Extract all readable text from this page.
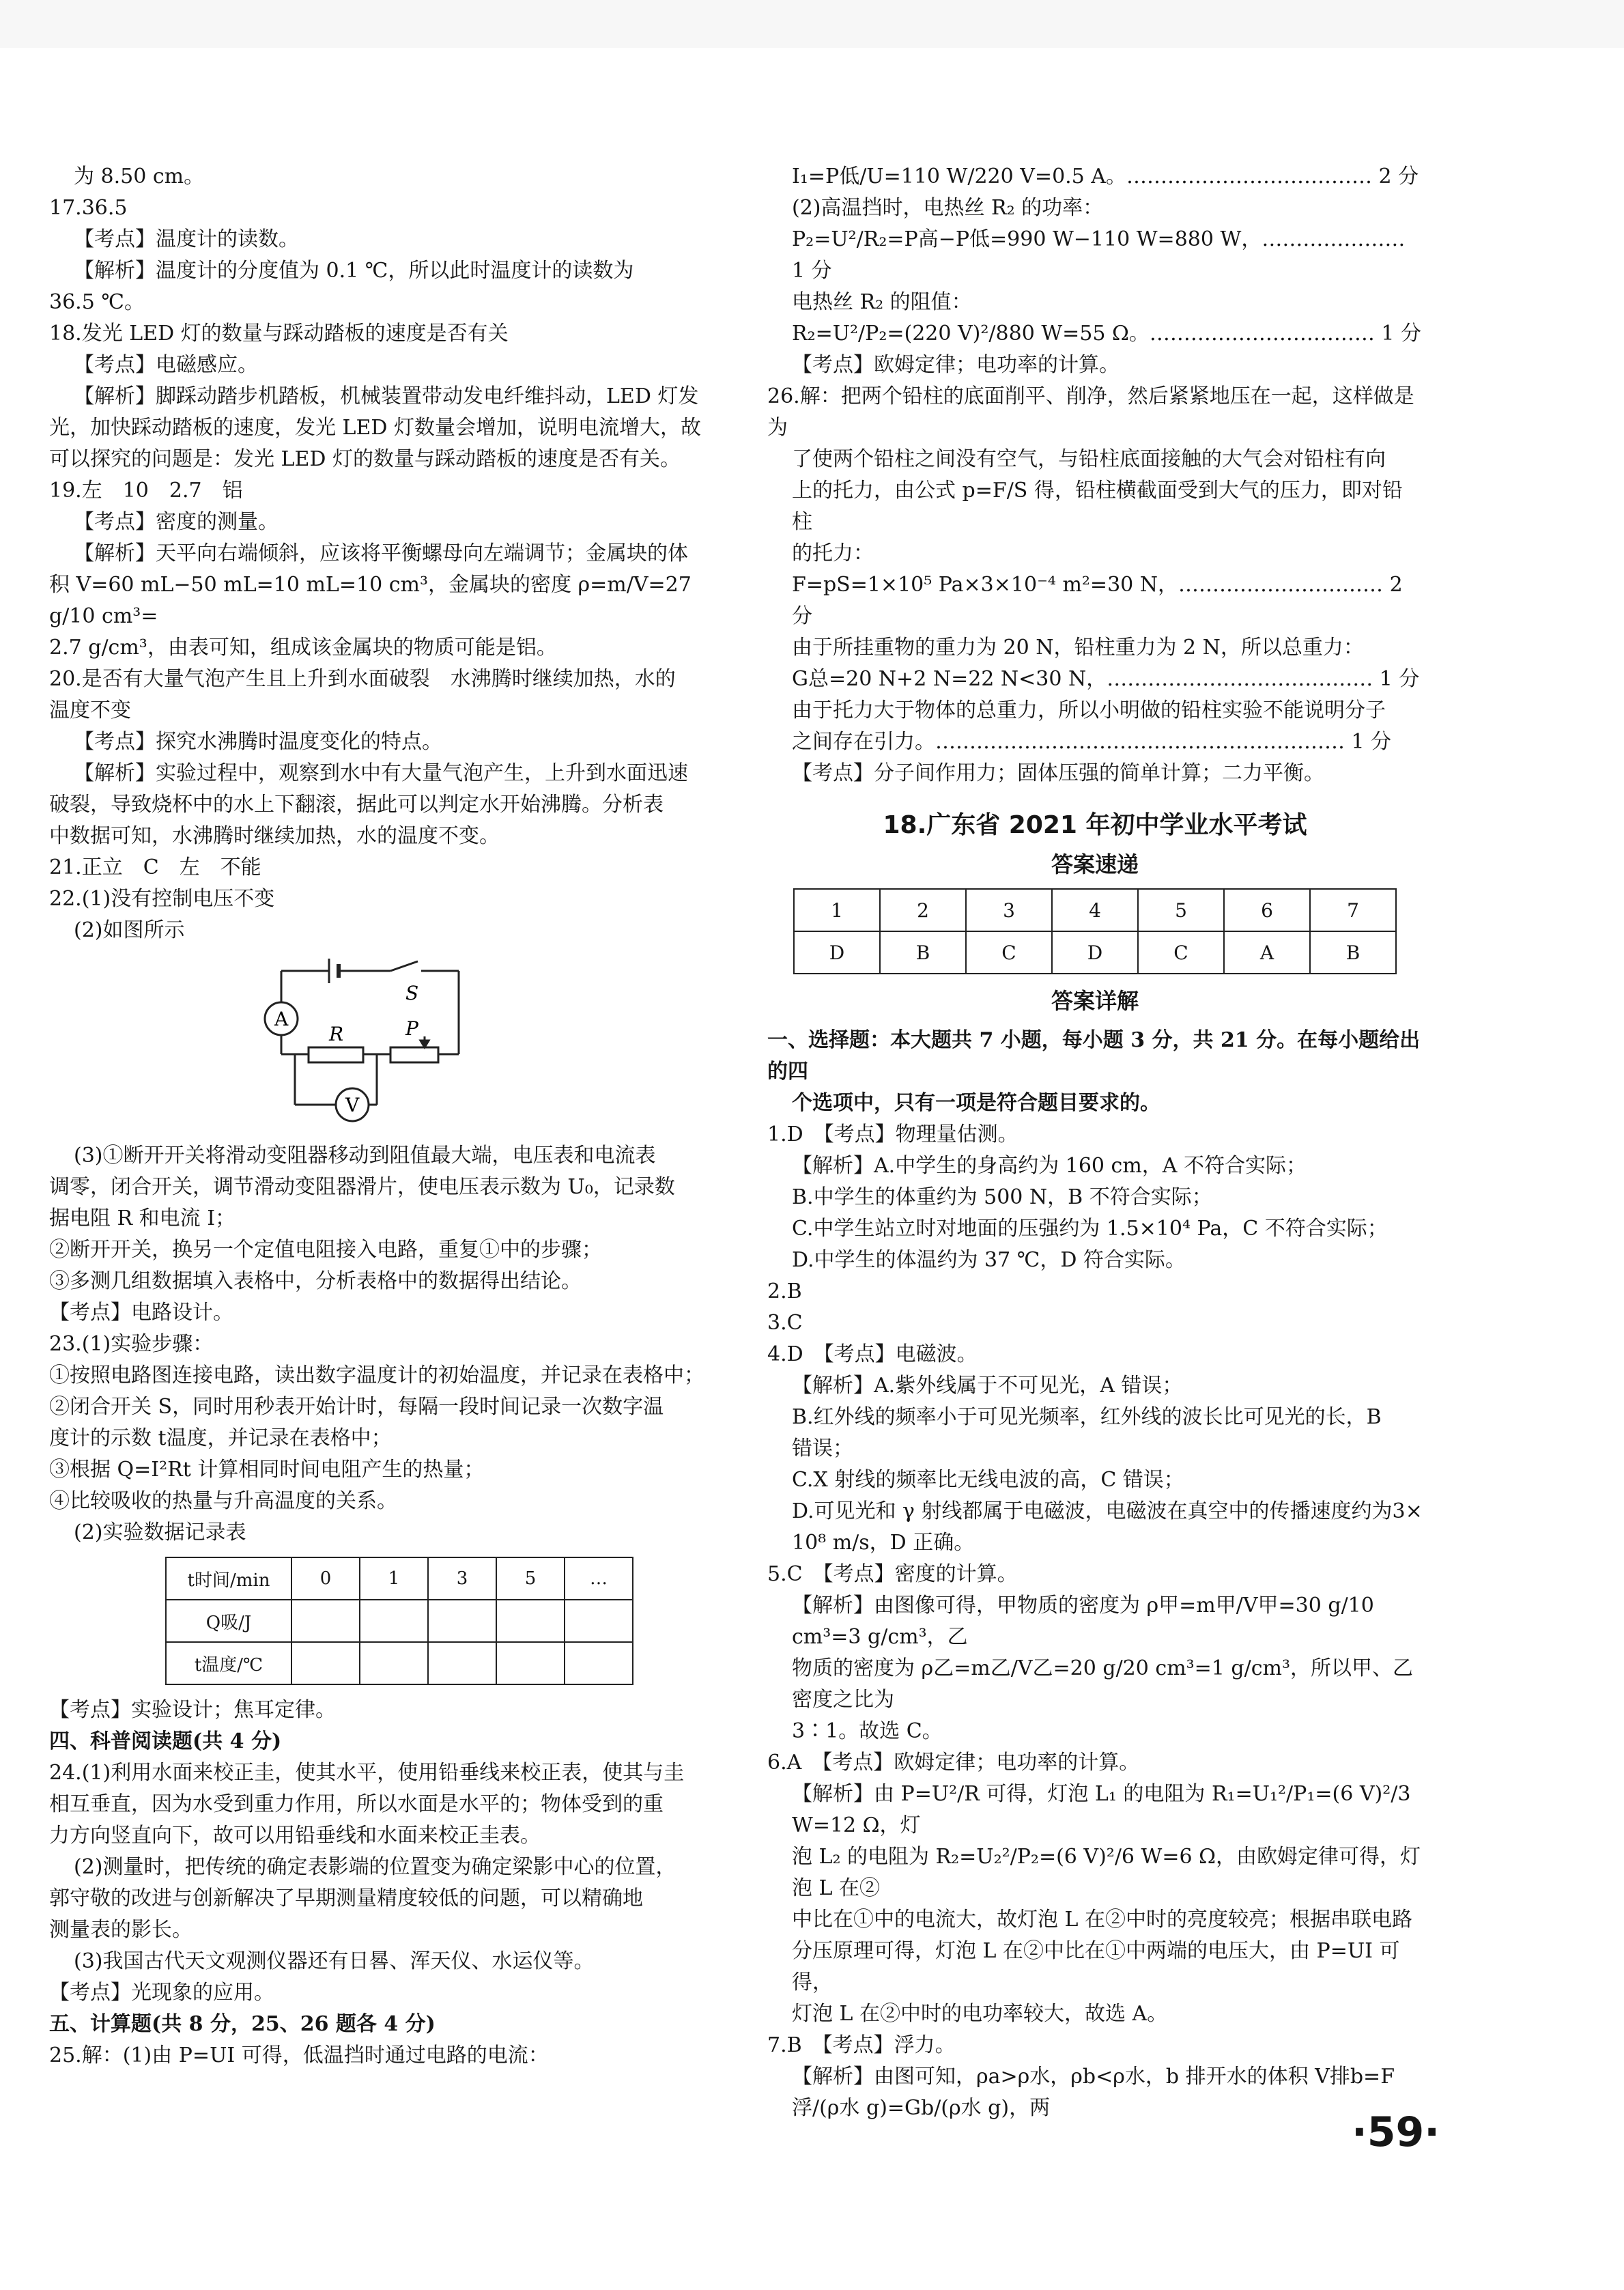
为 8.50 cm。
17.36.5
【考点】温度计的读数。
【解析】温度计的分度值为 0.1 ℃，所以此时温度计的读数为
36.5 ℃。
18.发光 LED 灯的数量与踩动踏板的速度是否有关
【考点】电磁感应。
【解析】脚踩动踏步机踏板，机械装置带动发电纤维抖动，LED 灯发
光，加快踩动踏板的速度，发光 LED 灯数量会增加，说明电流增大，故
可以探究的问题是：发光 LED 灯的数量与踩动踏板的速度是否有关。
19.左　10　2.7　铝
【考点】密度的测量。
【解析】天平向右端倾斜，应该将平衡螺母向左端调节；金属块的体
积 V=60 mL−50 mL=10 mL=10 cm³，金属块的密度 ρ=m/V=27 g/10 cm³=
2.7 g/cm³，由表可知，组成该金属块的物质可能是铝。
20.是否有大量气泡产生且上升到水面破裂　水沸腾时继续加热，水的
温度不变
【考点】探究水沸腾时温度变化的特点。
【解析】实验过程中，观察到水中有大量气泡产生，上升到水面迅速
破裂，导致烧杯中的水上下翻滚，据此可以判定水开始沸腾。分析表
中数据可知，水沸腾时继续加热，水的温度不变。
21.正立　C　左　不能
22.(1)没有控制电压不变
(2)如图所示
S
A
R	P
V
(3)①断开开关将滑动变阻器移动到阻值最大端，电压表和电流表
调零，闭合开关，调节滑动变阻器滑片，使电压表示数为 U₀，记录数
据电阻 R 和电流 I；
②断开开关，换另一个定值电阻接入电路，重复①中的步骤；
③多测几组数据填入表格中，分析表格中的数据得出结论。
【考点】电路设计。
23.(1)实验步骤：
①按照电路图连接电路，读出数字温度计的初始温度，并记录在表格中；
②闭合开关 S，同时用秒表开始计时，每隔一段时间记录一次数字温
度计的示数 t温度，并记录在表格中；
③根据 Q=I²Rt 计算相同时间电阻产生的热量；
④比较吸收的热量与升高温度的关系。
(2)实验数据记录表
t时间/min	0	1	3	5	…
Q吸/J					
t温度/℃					
【考点】实验设计；焦耳定律。
四、科普阅读题(共 4 分)
24.(1)利用水面来校正圭，使其水平，使用铅垂线来校正表，使其与圭
相互垂直，因为水受到重力作用，所以水面是水平的；物体受到的重
力方向竖直向下，故可以用铅垂线和水面来校正圭表。
(2)测量时，把传统的确定表影端的位置变为确定梁影中心的位置，
郭守敬的改进与创新解决了早期测量精度较低的问题，可以精确地
测量表的影长。
(3)我国古代天文观测仪器还有日晷、浑天仪、水运仪等。
【考点】光现象的应用。
五、计算题(共 8 分，25、26 题各 4 分)
25.解：(1)由 P=UI 可得，低温挡时通过电路的电流：
I₁=P低/U=110 W/220 V=0.5 A。……………………………… 2 分
(2)高温挡时，电热丝 R₂ 的功率：
P₂=U²/R₂=P高−P低=990 W−110 W=880 W，………………… 1 分
电热丝 R₂ 的阻值：
R₂=U²/P₂=(220 V)²/880 W=55 Ω。…………………………… 1 分
【考点】欧姆定律；电功率的计算。
26.解：把两个铅柱的底面削平、削净，然后紧紧地压在一起，这样做是为
了使两个铅柱之间没有空气，与铅柱底面接触的大气会对铅柱有向
上的托力，由公式 p=F/S 得，铅柱横截面受到大气的压力，即对铅柱
的托力：
F=pS=1×10⁵ Pa×3×10⁻⁴ m²=30 N，………………………… 2 分
由于所挂重物的重力为 20 N，铅柱重力为 2 N，所以总重力：
G总=20 N+2 N=22 N<30 N，………………………………… 1 分
由于托力大于物体的总重力，所以小明做的铅柱实验不能说明分子
之间存在引力。…………………………………………………… 1 分
【考点】分子间作用力；固体压强的简单计算；二力平衡。
18.广东省 2021 年初中学业水平考试
答案速递
1	2	3	4	5	6	7
D	B	C	D	C	A	B
答案详解
一、选择题：本大题共 7 小题，每小题 3 分，共 21 分。在每小题给出的四
个选项中，只有一项是符合题目要求的。
1.D　【考点】物理量估测。
【解析】A.中学生的身高约为 160 cm，A 不符合实际；
B.中学生的体重约为 500 N，B 不符合实际；
C.中学生站立时对地面的压强约为 1.5×10⁴ Pa，C 不符合实际；
D.中学生的体温约为 37 ℃，D 符合实际。
2.B
3.C
4.D　【考点】电磁波。
【解析】A.紫外线属于不可见光，A 错误；
B.红外线的频率小于可见光频率，红外线的波长比可见光的长，B
错误；
C.X 射线的频率比无线电波的高，C 错误；
D.可见光和 γ 射线都属于电磁波，电磁波在真空中的传播速度约为3×
10⁸ m/s，D 正确。
5.C　【考点】密度的计算。
【解析】由图像可得，甲物质的密度为 ρ甲=m甲/V甲=30 g/10 cm³=3 g/cm³，乙
物质的密度为 ρ乙=m乙/V乙=20 g/20 cm³=1 g/cm³，所以甲、乙密度之比为
3∶1。故选 C。
6.A　【考点】欧姆定律；电功率的计算。
【解析】由 P=U²/R 可得，灯泡 L₁ 的电阻为 R₁=U₁²/P₁=(6 V)²/3 W=12 Ω，灯
泡 L₂ 的电阻为 R₂=U₂²/P₂=(6 V)²/6 W=6 Ω，由欧姆定律可得，灯泡 L 在②
中比在①中的电流大，故灯泡 L 在②中时的亮度较亮；根据串联电路
分压原理可得，灯泡 L 在②中比在①中两端的电压大，由 P=UI 可得，
灯泡 L 在②中时的电功率较大，故选 A。
7.B　【考点】浮力。
【解析】由图可知，ρa>ρ水，ρb<ρ水，b 排开水的体积 V排b=F浮/(ρ水 g)=Gb/(ρ水 g)，两
·59·
